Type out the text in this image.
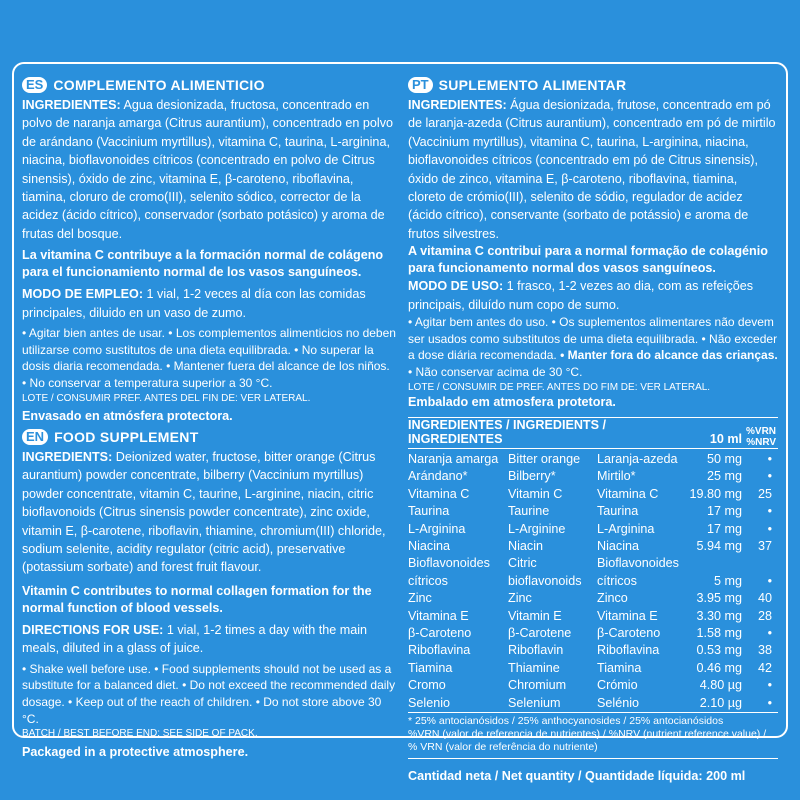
ES COMPLEMENTO ALIMENTICIO

INGREDIENTES: Agua desionizada, fructosa, concentrado en polvo de naranja amarga (Citrus aurantium), concentrado en polvo de arándano (Vaccinium myrtillus), vitamina C, taurina, L-arginina, niacina, bioflavonoides cítricos (concentrado en polvo de Citrus sinensis), óxido de zinc, vitamina E, β-caroteno, riboflavina, tiamina, cloruro de cromo(III), selenito sódico, corrector de la acidez (ácido cítrico), conservador (sorbato potásico) y aroma de frutas del bosque.

La vitamina C contribuye a la formación normal de colágeno para el funcionamiento normal de los vasos sanguíneos.

MODO DE EMPLEO: 1 vial, 1-2 veces al día con las comidas principales, diluido en un vaso de zumo.

• Agitar bien antes de usar. • Los complementos alimenticios no deben utilizarse como sustitutos de una dieta equilibrada. • No superar la dosis diaria recomendada. • Mantener fuera del alcance de los niños. • No conservar a temperatura superior a 30 °C.

LOTE / CONSUMIR PREF. ANTES DEL FIN DE: VER LATERAL.

Envasado en atmósfera protectora.

EN FOOD SUPPLEMENT

INGREDIENTS: Deionized water, fructose, bitter orange (Citrus aurantium) powder concentrate, bilberry (Vaccinium myrtillus) powder concentrate, vitamin C, taurine, L-arginine, niacin, citric bioflavonoids (Citrus sinensis powder concentrate), zinc oxide, vitamin E, β-carotene, riboflavin, thiamine, chromium(III) chloride, sodium selenite, acidity regulator (citric acid), preservative (potassium sorbate) and forest fruit flavour.

Vitamin C contributes to normal collagen formation for the normal function of blood vessels.

DIRECTIONS FOR USE: 1 vial, 1-2 times a day with the main meals, diluted in a glass of juice.

• Shake well before use. • Food supplements should not be used as a substitute for a balanced diet. • Do not exceed the recommended daily dosage. • Keep out of the reach of children. • Do not store above 30 °C.

BATCH / BEST BEFORE END: SEE SIDE OF PACK.

Packaged in a protective atmosphere.

PT SUPLEMENTO ALIMENTAR

INGREDIENTES: Água desionizada, frutose, concentrado em pó de laranja-azeda (Citrus aurantium), concentrado em pó de mirtilo (Vaccinium myrtillus), vitamina C, taurina, L-arginina, niacina, bioflavonoides cítricos (concentrado em pó de Citrus sinensis), óxido de zinco, vitamina E, β-caroteno, riboflavina, tiamina, cloreto de crómio(III), selenito de sódio, regulador de acidez (ácido cítrico), conservante (sorbato de potássio) e aroma de frutos silvestres.

A vitamina C contribui para a normal formação de colagénio para funcionamento normal dos vasos sanguíneos.

MODO DE USO: 1 frasco, 1-2 vezes ao dia, com as refeições principais, diluído num copo de sumo.

• Agitar bem antes do uso. • Os suplementos alimentares não devem ser usados como substitutos de uma dieta equilibrada. • Não exceder a dose diária recomendada. • Manter fora do alcance das crianças. • Não conservar acima de 30 °C.

LOTE / CONSUMIR DE PREF. ANTES DO FIM DE: VER LATERAL.

Embalado em atmosfera protetora.

INGREDIENTES / INGREDIENTS / INGREDIENTES			10 ml	%VRN
%NRV

Naranja amarga	Bitter orange	Laranja-azeda	50 mg	•
Arándano*	Bilberry*	Mirtilo*	25 mg	•
Vitamina C	Vitamin C	Vitamina C	19.80 mg	25
Taurina	Taurine	Taurina	17 mg	•
L-Arginina	L-Arginine	L-Arginina	17 mg	•
Niacina	Niacin	Niacina	5.94 mg	37
Bioflavonoides	Citric	Bioflavonoides		
cítricos	bioflavonoids	cítricos	5 mg	•
Zinc	Zinc	Zinco	3.95 mg	40
Vitamina E	Vitamin E	Vitamina E	3.30 mg	28
β-Caroteno	β-Carotene	β-Caroteno	1.58 mg	•
Riboflavina	Riboflavin	Riboflavina	0.53 mg	38
Tiamina	Thiamine	Tiamina	0.46 mg	42
Cromo	Chromium	Crómio	4.80 µg	•
Selenio	Selenium	Selénio	2.10 µg	•
* 25% antocianósidos / 25% anthocyanosides / 25% antocianósidos
%VRN (valor de referencia de nutrientes) / %NRV (nutrient reference value) / % VRN (valor de referência do nutriente)
Cantidad neta / Net quantity / Quantidade líquida: 200 ml
